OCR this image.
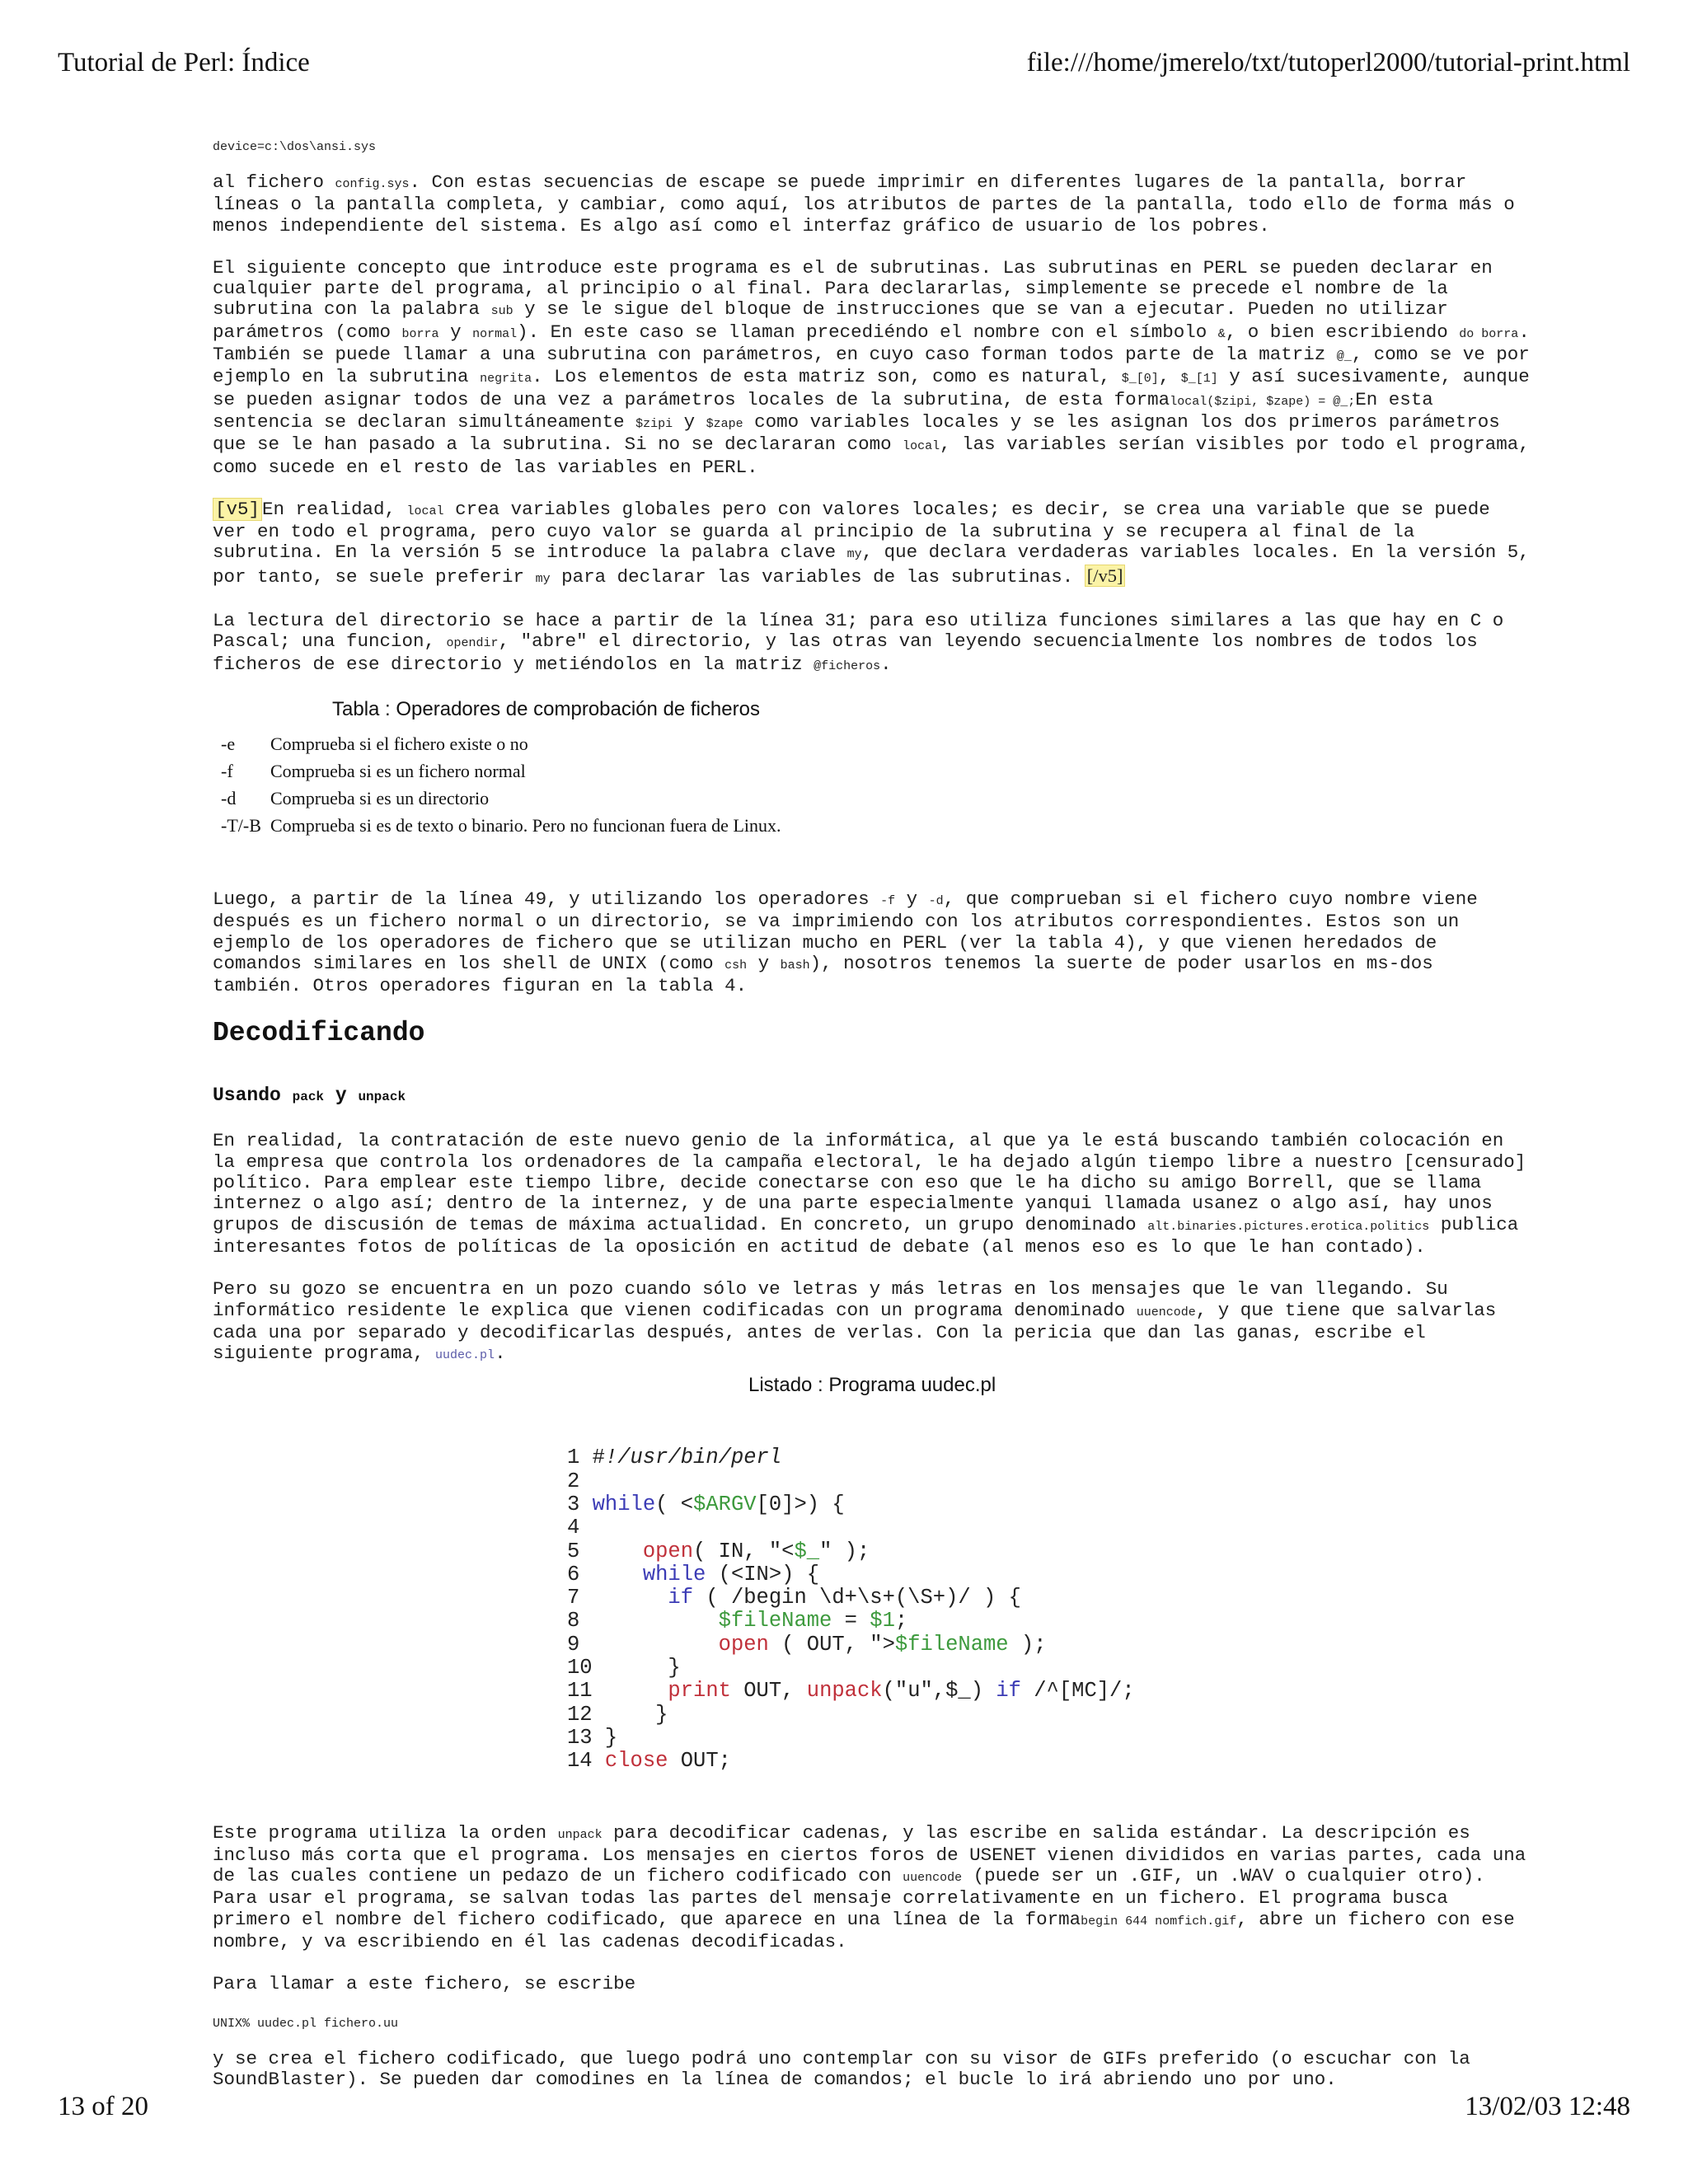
Tutorial de Perl: Índice	file:///home/jmerelo/txt/tutoperl2000/tutorial-print.html
device=c:\dos\ansi.sys

al fichero config.sys. Con estas secuencias de escape se puede imprimir en diferentes lugares de la pantalla, borrar líneas o la pantalla completa, y cambiar, como aquí, los atributos de partes de la pantalla, todo ello de forma más o menos independiente del sistema. Es algo así como el interfaz gráfico de usuario de los pobres.

El siguiente concepto que introduce este programa es el de subrutinas. Las subrutinas en PERL se pueden declarar en cualquier parte del programa, al principio o al final. Para declararlas, simplemente se precede el nombre de la subrutina con la palabra sub y se le sigue del bloque de instrucciones que se van a ejecutar. Pueden no utilizar parámetros (como borra y normal). En este caso se llaman precediéndo el nombre con el símbolo &, o bien escribiendo do borra. También se puede llamar a una subrutina con parámetros, en cuyo caso forman todos parte de la matriz @_, como se ve por ejemplo en la subrutina negrita. Los elementos de esta matriz son, como es natural, $_[0], $_[1] y así sucesivamente, aunque se pueden asignar todos de una vez a parámetros locales de la subrutina, de esta formalocal($zipi, $zape) = @_;En esta sentencia se declaran simultáneamente $zipi y $zape como variables locales y se les asignan los dos primeros parámetros que se le han pasado a la subrutina. Si no se declararan como local, las variables serían visibles por todo el programa, como sucede en el resto de las variables en PERL.

[v5] En realidad, local crea variables globales pero con valores locales; es decir, se crea una variable que se puede ver en todo el programa, pero cuyo valor se guarda al principio de la subrutina y se recupera al final de la subrutina. En la versión 5 se introduce la palabra clave my, que declara verdaderas variables locales. En la versión 5, por tanto, se suele preferir my para declarar las variables de las subrutinas. [/v5]

La lectura del directorio se hace a partir de la línea 31; para eso utiliza funciones similares a las que hay en C o Pascal; una funcion, opendir, "abre" el directorio, y las otras van leyendo secuencialmente los nombres de todos los ficheros de ese directorio y metiéndolos en la matriz @ficheros.

Tabla : Operadores de comprobación de ficheros
-e	Comprueba si el fichero existe o no
-f	Comprueba si es un fichero normal
-d	Comprueba si es un directorio
-T/-B	Comprueba si es de texto o binario. Pero no funcionan fuera de Linux.

Luego, a partir de la línea 49, y utilizando los operadores -f y -d, que comprueban si el fichero cuyo nombre viene después es un fichero normal o un directorio, se va imprimiendo con los atributos correspondientes. Estos son un ejemplo de los operadores de fichero que se utilizan mucho en PERL (ver la tabla 4), y que vienen heredados de comandos similares en los shell de UNIX (como csh y bash), nosotros tenemos la suerte de poder usarlos en ms-dos también. Otros operadores figuran en la tabla 4.

Decodificando
Usando pack y unpack

En realidad, la contratación de este nuevo genio de la informática, al que ya le está buscando también colocación en la empresa que controla los ordenadores de la campaña electoral, le ha dejado algún tiempo libre a nuestro [censurado] político. Para emplear este tiempo libre, decide conectarse con eso que le ha dicho su amigo Borrell, que se llama internez o algo así; dentro de la internez, y de una parte especialmente yanqui llamada usanez o algo así, hay unos grupos de discusión de temas de máxima actualidad. En concreto, un grupo denominado alt.binaries.pictures.erotica.politics publica interesantes fotos de políticas de la oposición en actitud de debate (al menos eso es lo que le han contado).

Pero su gozo se encuentra en un pozo cuando sólo ve letras y más letras en los mensajes que le van llegando. Su informático residente le explica que vienen codificadas con un programa denominado uuencode, y que tiene que salvarlas cada una por separado y decodificarlas después, antes de verlas. Con la pericia que dan las ganas, escribe el siguiente programa, uudec.pl.

Listado : Programa uudec.pl
1 #!/usr/bin/perl
2
3 while( <$ARGV[0]>) {
4
5	open( IN, "<$_" );
6	while (<IN>) {
7	if ( /begin \d+\s+(\S+)/ ) {
8	$fileName = $1;
9	open ( OUT, ">$fileName );
10      }
11	print OUT, unpack("u",$_) if /^[MC]/;
12     }
13 }
14 close OUT;

Este programa utiliza la orden unpack para decodificar cadenas, y las escribe en salida estándar. La descripción es incluso más corta que el programa. Los mensajes en ciertos foros de USENET vienen divididos en varias partes, cada una de las cuales contiene un pedazo de un fichero codificado con uuencode (puede ser un .GIF, un .WAV o cualquier otro). Para usar el programa, se salvan todas las partes del mensaje correlativamente en un fichero. El programa busca primero el nombre del fichero codificado, que aparece en una línea de la formabegin 644 nomfich.gif, abre un fichero con ese nombre, y va escribiendo en él las cadenas decodificadas.

Para llamar a este fichero, se escribe

UNIX% uudec.pl fichero.uu

y se crea el fichero codificado, que luego podrá uno contemplar con su visor de GIFs preferido (o escuchar con la SoundBlaster). Se pueden dar comodines en la línea de comandos; el bucle lo irá abriendo uno por uno.

13 of 20	13/02/03 12:48
